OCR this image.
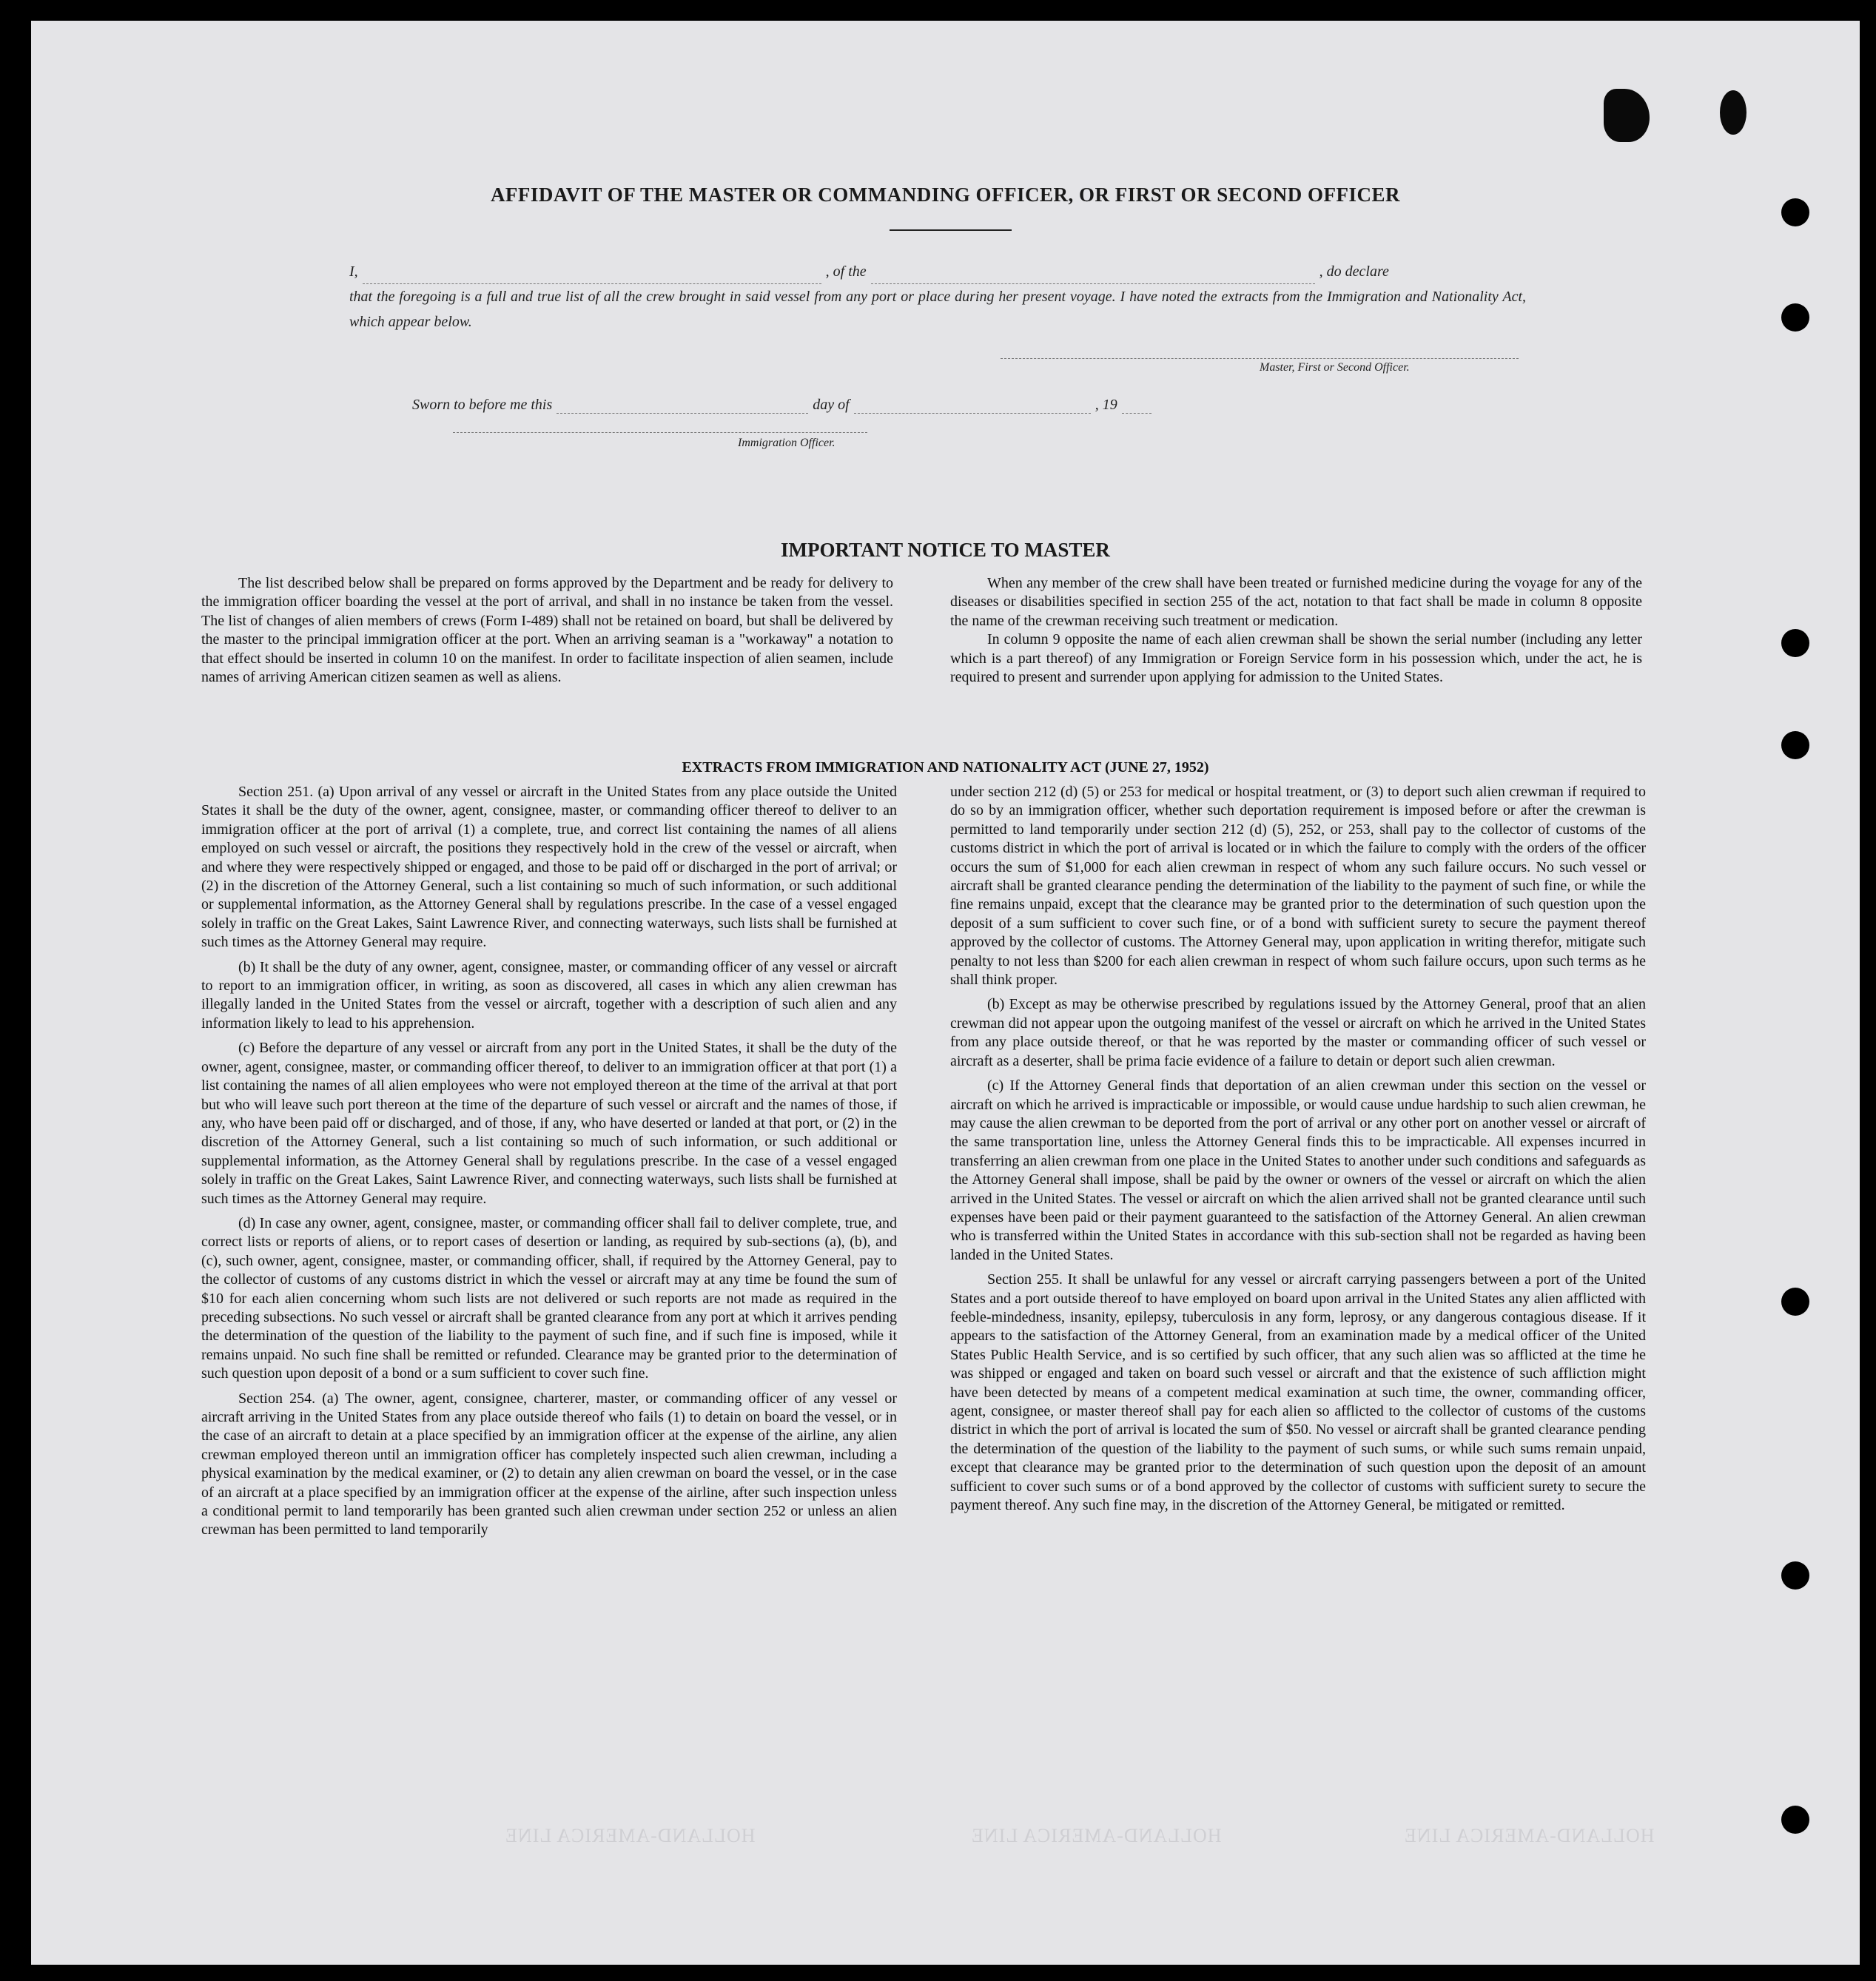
AFFIDAVIT OF THE MASTER OR COMMANDING OFFICER, OR FIRST OR SECOND OFFICER
I,	, of the	, do declare
that the foregoing is a full and true list of all the crew brought in said vessel from any port or place during her present voyage. I have noted the extracts from the Immigration and Nationality Act, which appear below.
Master, First or Second Officer.
Sworn to before me this	day of	, 19
Immigration Officer.
IMPORTANT NOTICE TO MASTER

The list described below shall be prepared on forms approved by the Department and be ready for delivery to the immigration officer boarding the vessel at the port of arrival, and shall in no instance be taken from the vessel. The list of changes of alien members of crews (Form I-489) shall not be retained on board, but shall be delivered by the master to the principal immigration officer at the port. When an arriving seaman is a "workaway" a notation to that effect should be inserted in column 10 on the manifest. In order to facilitate inspection of alien seamen, include names of arriving American citizen seamen as well as aliens.

When any member of the crew shall have been treated or furnished medicine during the voyage for any of the diseases or disabilities specified in section 255 of the act, notation to that fact shall be made in column 8 opposite the name of the crewman receiving such treatment or medication.

In column 9 opposite the name of each alien crewman shall be shown the serial number (including any letter which is a part thereof) of any Immigration or Foreign Service form in his possession which, under the act, he is required to present and surrender upon applying for admission to the United States.

EXTRACTS FROM IMMIGRATION AND NATIONALITY ACT (JUNE 27, 1952)

Section 251. (a) Upon arrival of any vessel or aircraft in the United States from any place outside the United States it shall be the duty of the owner, agent, consignee, master, or commanding officer thereof to deliver to an immigration officer at the port of arrival (1) a complete, true, and correct list containing the names of all aliens employed on such vessel or aircraft, the positions they respectively hold in the crew of the vessel or aircraft, when and where they were respectively shipped or engaged, and those to be paid off or discharged in the port of arrival; or (2) in the discretion of the Attorney General, such a list containing so much of such information, or such additional or supplemental information, as the Attorney General shall by regulations prescribe. In the case of a vessel engaged solely in traffic on the Great Lakes, Saint Lawrence River, and connecting waterways, such lists shall be furnished at such times as the Attorney General may require.

(b) It shall be the duty of any owner, agent, consignee, master, or commanding officer of any vessel or aircraft to report to an immigration officer, in writing, as soon as discovered, all cases in which any alien crewman has illegally landed in the United States from the vessel or aircraft, together with a description of such alien and any information likely to lead to his apprehension.

(c) Before the departure of any vessel or aircraft from any port in the United States, it shall be the duty of the owner, agent, consignee, master, or commanding officer thereof, to deliver to an immigration officer at that port (1) a list containing the names of all alien employees who were not employed thereon at the time of the arrival at that port but who will leave such port thereon at the time of the departure of such vessel or aircraft and the names of those, if any, who have been paid off or discharged, and of those, if any, who have deserted or landed at that port, or (2) in the discretion of the Attorney General, such a list containing so much of such information, or such additional or supplemental information, as the Attorney General shall by regulations prescribe. In the case of a vessel engaged solely in traffic on the Great Lakes, Saint Lawrence River, and connecting waterways, such lists shall be furnished at such times as the Attorney General may require.

(d) In case any owner, agent, consignee, master, or commanding officer shall fail to deliver complete, true, and correct lists or reports of aliens, or to report cases of desertion or landing, as required by sub-sections (a), (b), and (c), such owner, agent, consignee, master, or commanding officer, shall, if required by the Attorney General, pay to the collector of customs of any customs district in which the vessel or aircraft may at any time be found the sum of $10 for each alien concerning whom such lists are not delivered or such reports are not made as required in the preceding subsections. No such vessel or aircraft shall be granted clearance from any port at which it arrives pending the determination of the question of the liability to the payment of such fine, and if such fine is imposed, while it remains unpaid. No such fine shall be remitted or refunded. Clearance may be granted prior to the determination of such question upon deposit of a bond or a sum sufficient to cover such fine.

Section 254. (a) The owner, agent, consignee, charterer, master, or commanding officer of any vessel or aircraft arriving in the United States from any place outside thereof who fails (1) to detain on board the vessel, or in the case of an aircraft to detain at a place specified by an immigration officer at the expense of the airline, any alien crewman employed thereon until an immigration officer has completely inspected such alien crewman, including a physical examination by the medical examiner, or (2) to detain any alien crewman on board the vessel, or in the case of an aircraft at a place specified by an immigration officer at the expense of the airline, after such inspection unless a conditional permit to land temporarily has been granted such alien crewman under section 252 or unless an alien crewman has been permitted to land temporarily

under section 212 (d) (5) or 253 for medical or hospital treatment, or (3) to deport such alien crewman if required to do so by an immigration officer, whether such deportation requirement is imposed before or after the crewman is permitted to land temporarily under section 212 (d) (5), 252, or 253, shall pay to the collector of customs of the customs district in which the port of arrival is located or in which the failure to comply with the orders of the officer occurs the sum of $1,000 for each alien crewman in respect of whom any such failure occurs. No such vessel or aircraft shall be granted clearance pending the determination of the liability to the payment of such fine, or while the fine remains unpaid, except that the clearance may be granted prior to the determination of such question upon the deposit of a sum sufficient to cover such fine, or of a bond with sufficient surety to secure the payment thereof approved by the collector of customs. The Attorney General may, upon application in writing therefor, mitigate such penalty to not less than $200 for each alien crewman in respect of whom such failure occurs, upon such terms as he shall think proper.

(b) Except as may be otherwise prescribed by regulations issued by the Attorney General, proof that an alien crewman did not appear upon the outgoing manifest of the vessel or aircraft on which he arrived in the United States from any place outside thereof, or that he was reported by the master or commanding officer of such vessel or aircraft as a deserter, shall be prima facie evidence of a failure to detain or deport such alien crewman.

(c) If the Attorney General finds that deportation of an alien crewman under this section on the vessel or aircraft on which he arrived is impracticable or impossible, or would cause undue hardship to such alien crewman, he may cause the alien crewman to be deported from the port of arrival or any other port on another vessel or aircraft of the same transportation line, unless the Attorney General finds this to be impracticable. All expenses incurred in transferring an alien crewman from one place in the United States to another under such conditions and safeguards as the Attorney General shall impose, shall be paid by the owner or owners of the vessel or aircraft on which the alien arrived in the United States. The vessel or aircraft on which the alien arrived shall not be granted clearance until such expenses have been paid or their payment guaranteed to the satisfaction of the Attorney General. An alien crewman who is transferred within the United States in accordance with this sub-section shall not be regarded as having been landed in the United States.

Section 255. It shall be unlawful for any vessel or aircraft carrying passengers between a port of the United States and a port outside thereof to have employed on board upon arrival in the United States any alien afflicted with feeble-mindedness, insanity, epilepsy, tuberculosis in any form, leprosy, or any dangerous contagious disease. If it appears to the satisfaction of the Attorney General, from an examination made by a medical officer of the United States Public Health Service, and is so certified by such officer, that any such alien was so afflicted at the time he was shipped or engaged and taken on board such vessel or aircraft and that the existence of such affliction might have been detected by means of a competent medical examination at such time, the owner, commanding officer, agent, consignee, or master thereof shall pay for each alien so afflicted to the collector of customs of the customs district in which the port of arrival is located the sum of $50. No vessel or aircraft shall be granted clearance pending the determination of the question of the liability to the payment of such sums, or while such sums remain unpaid, except that clearance may be granted prior to the determination of such question upon the deposit of an amount sufficient to cover such sums or of a bond approved by the collector of customs with sufficient surety to secure the payment thereof. Any such fine may, in the discretion of the Attorney General, be mitigated or remitted.

HOLLAND-AMERICA LINE	HOLLAND-AMERICA LINE	HOLLAND-AMERICA LINE
